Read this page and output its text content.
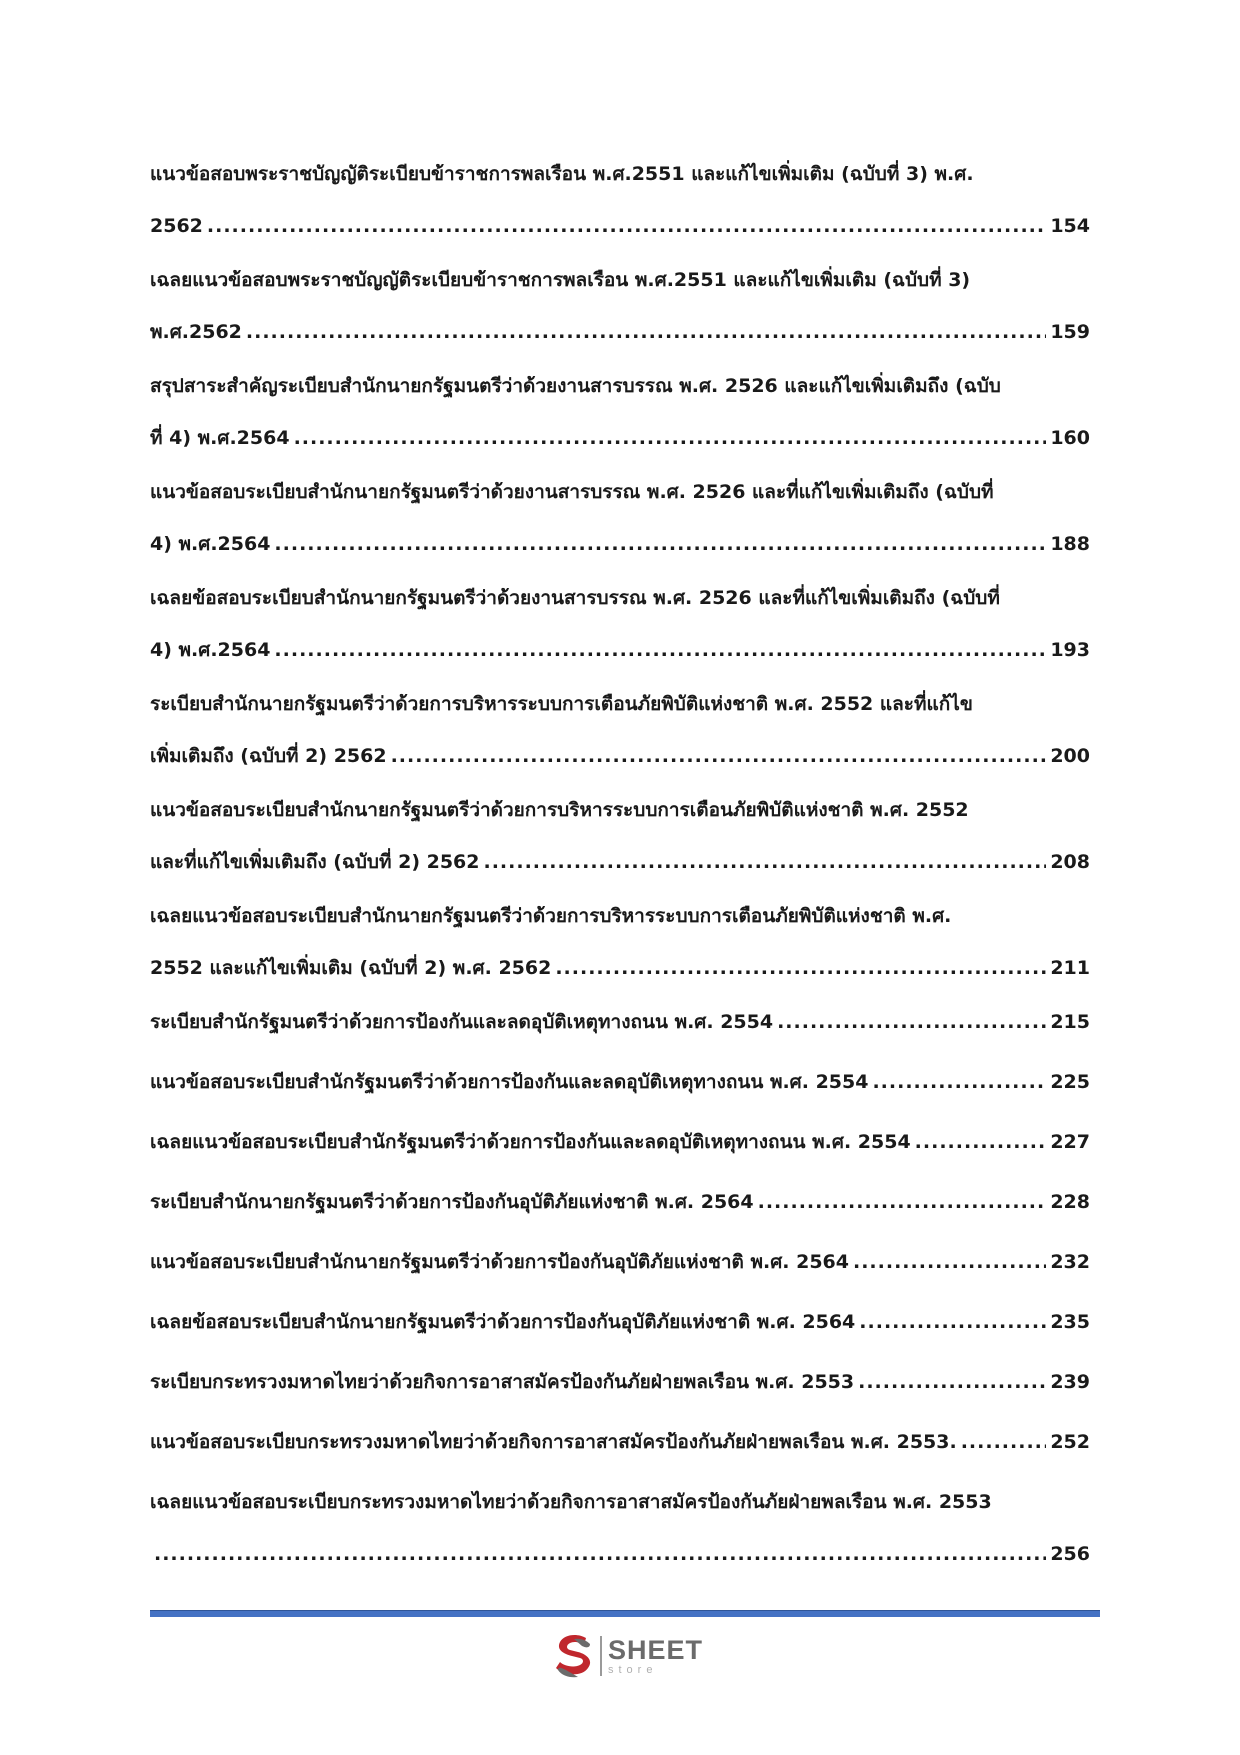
แนวข้อสอบพระราชบัญญัติระเบียบข้าราชการพลเรือน พ.ศ.2551 และแก้ไขเพิ่มเติม (ฉบับที่ 3) พ.ศ.
2562 .....	154
เฉลยแนวข้อสอบพระราชบัญญัติระเบียบข้าราชการพลเรือน พ.ศ.2551 และแก้ไขเพิ่มเติม (ฉบับที่ 3)
พ.ศ.2562 .....	159
สรุปสาระสำคัญระเบียบสำนักนายกรัฐมนตรีว่าด้วยงานสารบรรณ พ.ศ. 2526 และแก้ไขเพิ่มเติมถึง (ฉบับ
ที่ 4) พ.ศ.2564 .....	160
แนวข้อสอบระเบียบสำนักนายกรัฐมนตรีว่าด้วยงานสารบรรณ พ.ศ. 2526 และที่แก้ไขเพิ่มเติมถึง (ฉบับที่
4) พ.ศ.2564 .....	188
เฉลยข้อสอบระเบียบสำนักนายกรัฐมนตรีว่าด้วยงานสารบรรณ พ.ศ. 2526 และที่แก้ไขเพิ่มเติมถึง (ฉบับที่
4) พ.ศ.2564 .....	193
ระเบียบสำนักนายกรัฐมนตรีว่าด้วยการบริหารระบบการเตือนภัยพิบัติแห่งชาติ พ.ศ. 2552 และที่แก้ไข
เพิ่มเติมถึง (ฉบับที่ 2) 2562 .....	200
แนวข้อสอบระเบียบสำนักนายกรัฐมนตรีว่าด้วยการบริหารระบบการเตือนภัยพิบัติแห่งชาติ พ.ศ. 2552
และที่แก้ไขเพิ่มเติมถึง (ฉบับที่ 2) 2562 .....	208
เฉลยแนวข้อสอบระเบียบสำนักนายกรัฐมนตรีว่าด้วยการบริหารระบบการเตือนภัยพิบัติแห่งชาติ พ.ศ.
2552 และแก้ไขเพิ่มเติม (ฉบับที่ 2) พ.ศ. 2562 .....	211
ระเบียบสำนักรัฐมนตรีว่าด้วยการป้องกันและลดอุบัติเหตุทางถนน พ.ศ. 2554 .....	215
แนวข้อสอบระเบียบสำนักรัฐมนตรีว่าด้วยการป้องกันและลดอุบัติเหตุทางถนน พ.ศ. 2554 .....	225
เฉลยแนวข้อสอบระเบียบสำนักรัฐมนตรีว่าด้วยการป้องกันและลดอุบัติเหตุทางถนน พ.ศ. 2554 .....	227
ระเบียบสำนักนายกรัฐมนตรีว่าด้วยการป้องกันอุบัติภัยแห่งชาติ พ.ศ. 2564 .....	228
แนวข้อสอบระเบียบสำนักนายกรัฐมนตรีว่าด้วยการป้องกันอุบัติภัยแห่งชาติ พ.ศ. 2564 .....	232
เฉลยข้อสอบระเบียบสำนักนายกรัฐมนตรีว่าด้วยการป้องกันอุบัติภัยแห่งชาติ พ.ศ. 2564 .....	235
ระเบียบกระทรวงมหาดไทยว่าด้วยกิจการอาสาสมัครป้องกันภัยฝ่ายพลเรือน พ.ศ. 2553 .....	239
แนวข้อสอบระเบียบกระทรวงมหาดไทยว่าด้วยกิจการอาสาสมัครป้องกันภัยฝ่ายพลเรือน พ.ศ. 2553. .....	252
เฉลยแนวข้อสอบระเบียบกระทรวงมหาดไทยว่าด้วยกิจการอาสาสมัครป้องกันภัยฝ่ายพลเรือน พ.ศ. 2553
.....
256
SHEET
store
